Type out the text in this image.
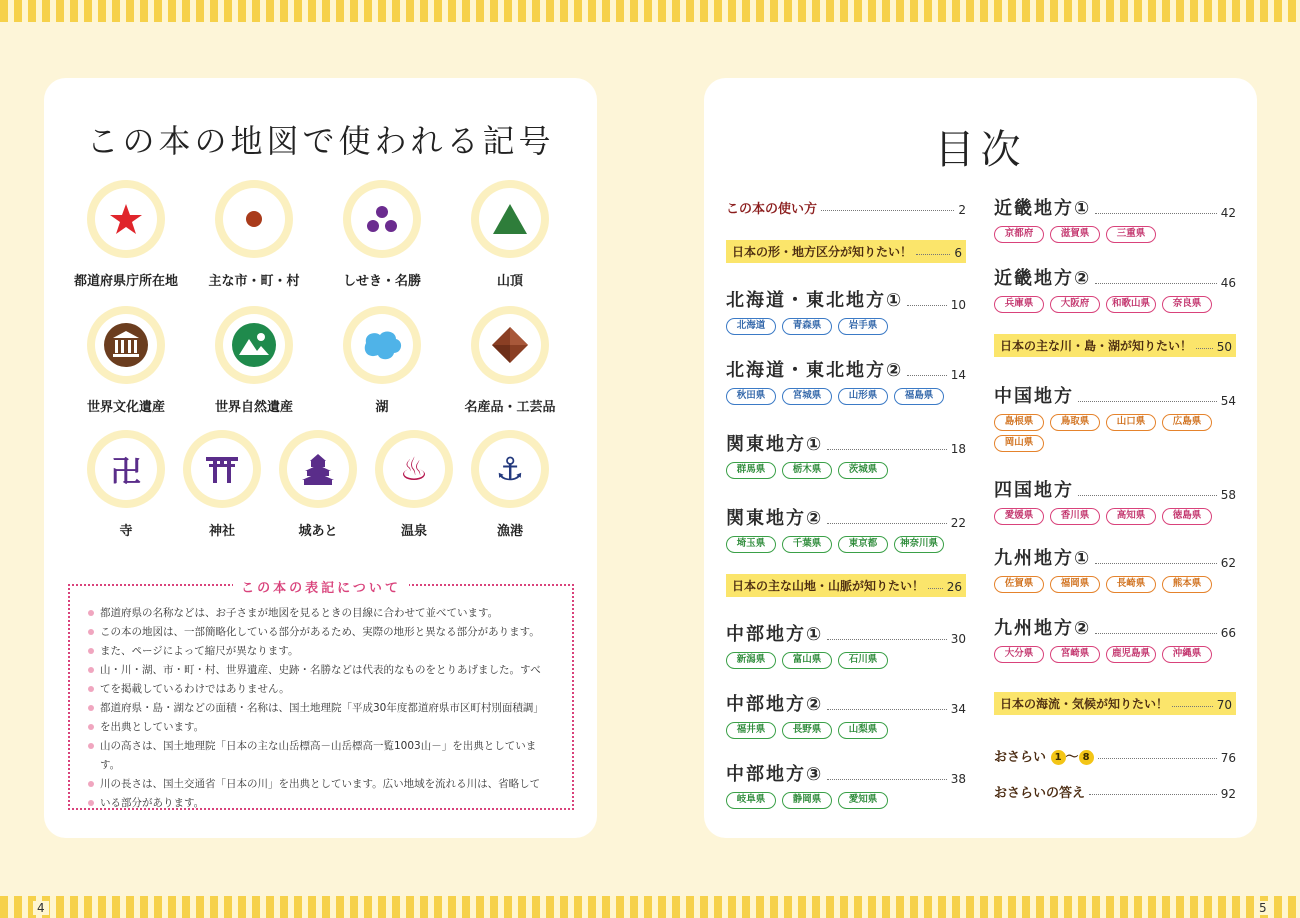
4	5
この本の地図で使われる記号
都道府県庁所在地	主な市・町・村	しせき・名勝	山頂
世界文化遺産	世界自然遺産	湖	名産品・工芸品
卍
寺	神社	城あと
♨
温泉
⚓
漁港
この本の表記について
都道府県の名称などは、お子さまが地図を見るときの目線に合わせて並べています。
この本の地図は、一部簡略化している部分があるため、実際の地形と異なる部分があります。
また、ページによって縮尺が異なります。
山・川・湖、市・町・村、世界遺産、史跡・名勝などは代表的なものをとりあげました。すべ
てを掲載しているわけではありません。
都道府県・島・湖などの面積・名称は、国土地理院「平成30年度都道府県市区町村別面積調」
を出典としています。
山の高さは、国土地理院「日本の主な山岳標高－山岳標高一覧1003山－」を出典としています。
川の長さは、国土交通省「日本の川」を出典としています。広い地域を流れる川は、省略して
いる部分があります。
目次
この本の使い方	2
日本の形・地方区分が知りたい！	6
北海道・東北地方①	10
北海道	青森県	岩手県
北海道・東北地方②	14
秋田県	宮城県	山形県	福島県
関東地方①	18
群馬県	栃木県	茨城県
関東地方②	22
埼玉県	千葉県	東京都	神奈川県
日本の主な山地・山脈が知りたい！ 26
中部地方①	30
新潟県	富山県	石川県
中部地方②	34
福井県	長野県	山梨県
中部地方③	38
岐阜県	静岡県	愛知県
近畿地方①	42
京都府	滋賀県	三重県
近畿地方②	46
兵庫県	大阪府	和歌山県	奈良県
日本の主な川・島・湖が知りたい！ 50
中国地方	54
島根県	鳥取県	山口県	広島県
岡山県
四国地方	58
愛媛県	香川県	高知県	徳島県
九州地方①	62
佐賀県	福岡県	長崎県	熊本県
九州地方②	66
大分県	宮崎県	鹿児島県	沖縄県
日本の海流・気候が知りたい！	70
おさらい 1 〜 8	76
おさらいの答え	92
